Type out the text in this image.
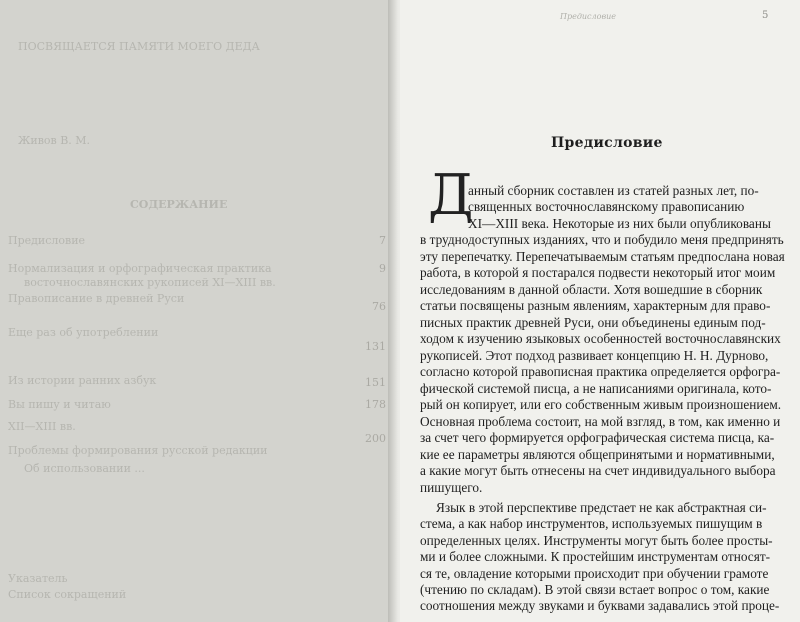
ПОСВЯЩАЕТСЯ ПАМЯТИ МОЕГО ДЕДА
Живов В. М.
СОДЕРЖАНИЕ
Предисловие
Нормализация и орфографическая практика
восточнославянских рукописей XI—XIII вв.
Правописание в древней Руси
Еще раз об употреблении
Из истории ранних азбук
Вы пишу и читаю
XII—XIII вв.
Проблемы формирования русской редакции
Об использовании ...
Указатель
Список сокращений
7
9
76
131
151
178
200
Предисловие	5
Предисловие
Д
анный сборник составлен из статей разных лет, по-
священных восточнославянскому правописанию
XI—XIII века. Некоторые из них были опубликованы
в труднодоступных изданиях, что и побудило меня предпринять
эту перепечатку. Перепечатываемым статьям предпослана новая
работа, в которой я постарался подвести некоторый итог моим
исследованиям в данной области. Хотя вошедшие в сборник
статьи посвящены разным явлениям, характерным для право-
писных практик древней Руси, они объединены единым под-
ходом к изучению языковых особенностей восточнославянских
рукописей. Этот подход развивает концепцию Н. Н. Дурново,
согласно которой правописная практика определяется орфогра-
фической системой писца, а не написаниями оригинала, кото-
рый он копирует, или его собственным живым произношением.
Основная проблема состоит, на мой взгляд, в том, как именно и
за счет чего формируется орфографическая система писца, ка-
кие ее параметры являются общепринятыми и нормативными,
а какие могут быть отнесены на счет индивидуального выбора
пишущего.
Язык в этой перспективе предстает не как абстрактная си-
стема, а как набор инструментов, используемых пишущим в
определенных целях. Инструменты могут быть более просты-
ми и более сложными. К простейшим инструментам относят-
ся те, овладение которыми происходит при обучении грамоте
(чтению по складам). В этой связи встает вопрос о том, какие
соотношения между звуками и буквами задавались этой проце-
